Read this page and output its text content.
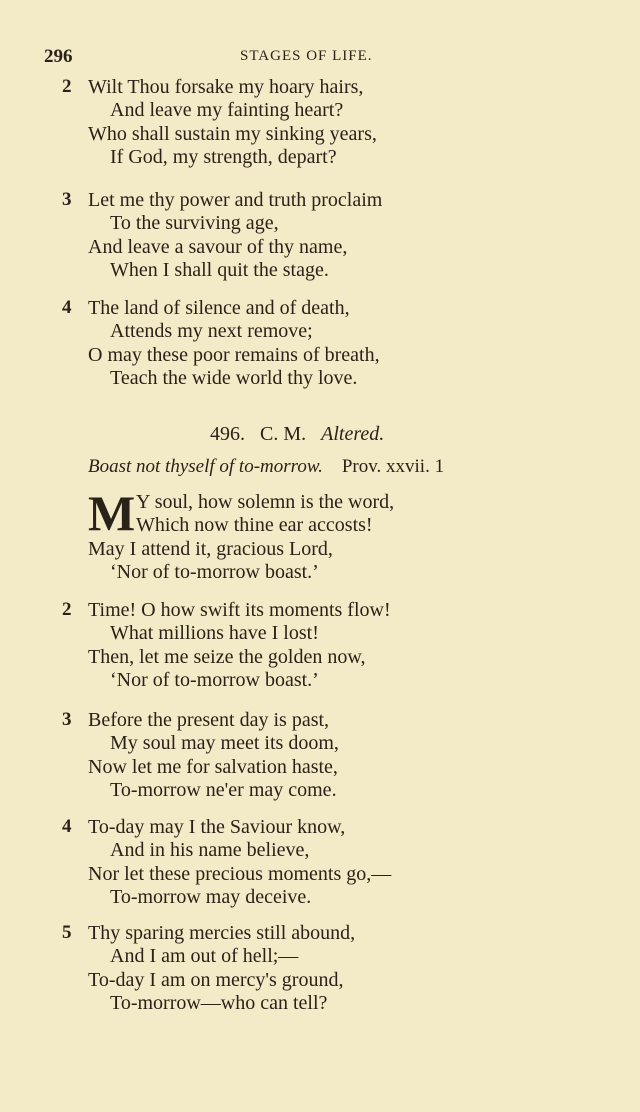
296	STAGES OF LIFE.
2 Wilt Thou forsake my hoary hairs,
And leave my fainting heart?
Who shall sustain my sinking years,
If God, my strength, depart?
3 Let me thy power and truth proclaim
To the surviving age,
And leave a savour of thy name,
When I shall quit the stage.
4 The land of silence and of death,
Attends my next remove;
O may these poor remains of breath,
Teach the wide world thy love.
496. C. M. Altered.
Boast not thyself of to-morrow. Prov. xxvii. 1
M Y soul, how solemn is the word,
Which now thine ear accosts!
May I attend it, gracious Lord,
‘Nor of to-morrow boast.’
2 Time! O how swift its moments flow!
What millions have I lost!
Then, let me seize the golden now,
‘Nor of to-morrow boast.’
3 Before the present day is past,
My soul may meet its doom,
Now let me for salvation haste,
To-morrow ne'er may come.
4 To-day may I the Saviour know,
And in his name believe,
Nor let these precious moments go,—
To-morrow may deceive.
5 Thy sparing mercies still abound,
And I am out of hell;—
To-day I am on mercy's ground,
To-morrow—who can tell?
